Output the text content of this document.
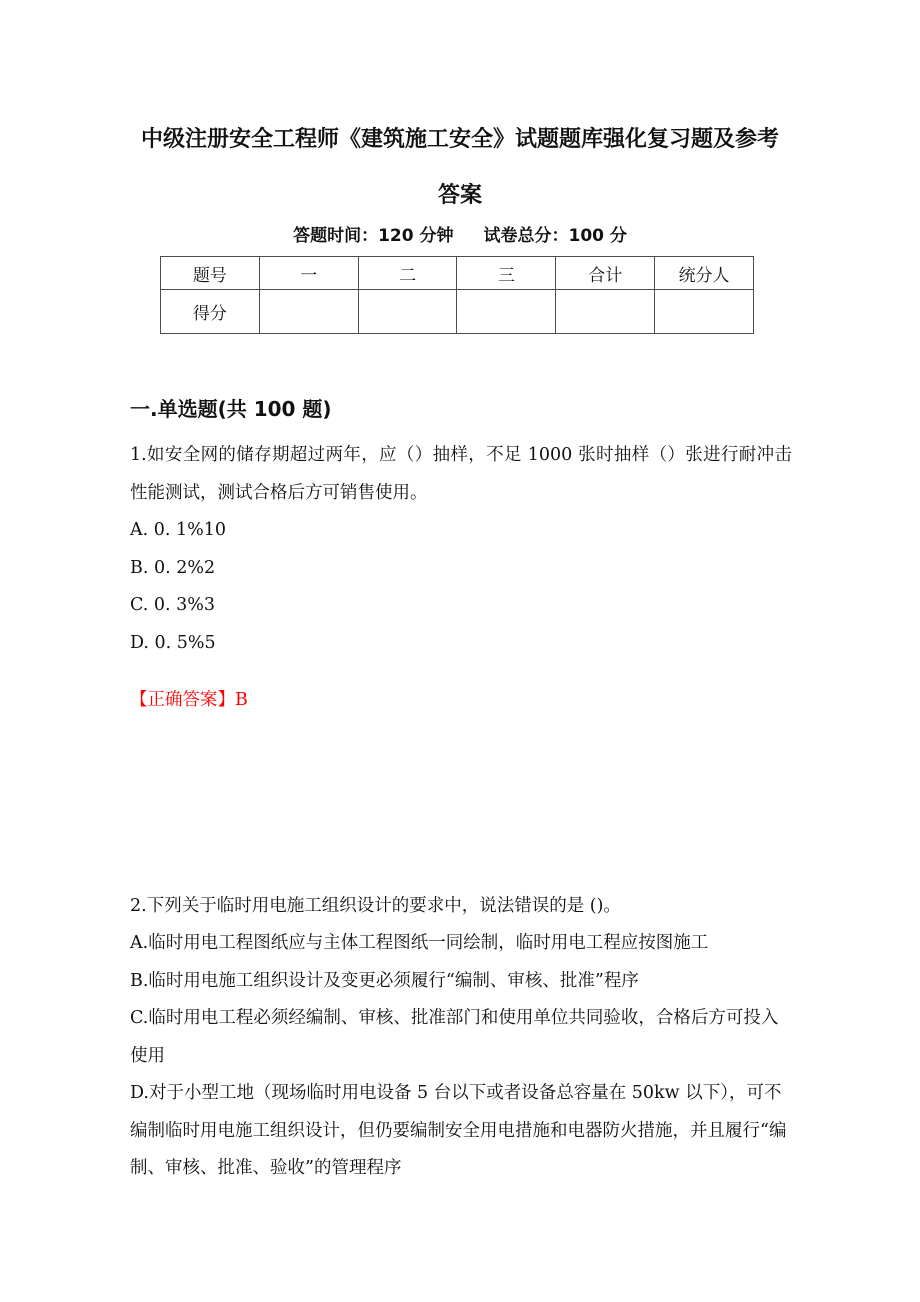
中级注册安全工程师《建筑施工安全》试题题库强化复习题及参考
答案
答题时间：120 分钟 试卷总分：100 分
题号	一	二	三	合计	统分人
得分					
一.单选题(共 100 题)
1.如安全网的储存期超过两年，应（）抽样，不足 1000 张时抽样（）张进行耐冲击性能测试，测试合格后方可销售使用。
A. 0. 1%10
B. 0. 2%2
C. 0. 3%3
D. 0. 5%5
【正确答案】B
2.下列关于临时用电施工组织设计的要求中，说法错误的是 ()。
A.临时用电工程图纸应与主体工程图纸一同绘制，临时用电工程应按图施工
B.临时用电施工组织设计及变更必须履行“编制、审核、批准”程序
C.临时用电工程必须经编制、审核、批准部门和使用单位共同验收，合格后方可投入使用
D.对于小型工地（现场临时用电设备 5 台以下或者设备总容量在 50kw 以下），可不编制临时用电施工组织设计，但仍要编制安全用电措施和电器防火措施，并且履行“编制、审核、批准、验收”的管理程序
